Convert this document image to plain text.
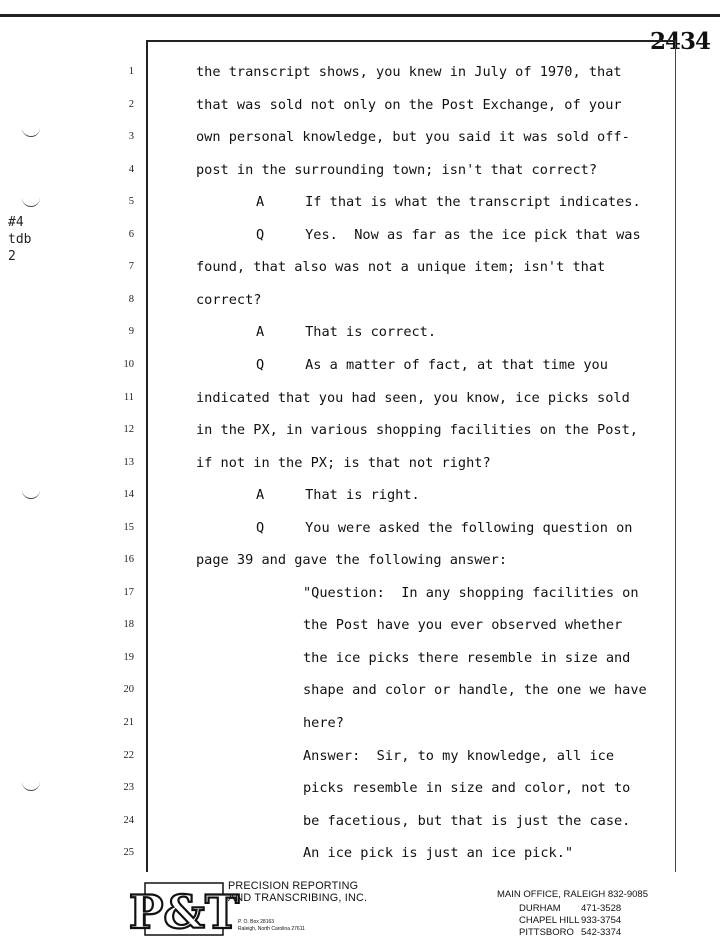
2434
#4
tdb
2
1	the transcript shows, you knew in July of 1970, that
2	that was sold not only on the Post Exchange, of your
3	own personal knowledge, but you said it was sold off-
4	post in the surrounding town; isn't that correct?
5	A     If that is what the transcript indicates.
6	Q     Yes.  Now as far as the ice pick that was
7	found, that also was not a unique item; isn't that
8	correct?
9	A     That is correct.
10	Q     As a matter of fact, at that time you
11	indicated that you had seen, you know, ice picks sold
12	in the PX, in various shopping facilities on the Post,
13	if not in the PX; is that not right?
14	A     That is right.
15	Q     You were asked the following question on
16	page 39 and gave the following answer:
17	"Question:  In any shopping facilities on
18	the Post have you ever observed whether
19	the ice picks there resemble in size and
20	shape and color or handle, the one we have
21	here?
22	Answer:  Sir, to my knowledge, all ice
23	picks resemble in size and color, not to
24	be facetious, but that is just the case.
25	An ice pick is just an ice pick."
P&T
PRECISION REPORTING
AND TRANSCRIBING, INC.
P. O. Box 28163
Raleigh, North Carolina 27611
MAIN OFFICE, RALEIGH 832-9085
DURHAM 471-3528
CHAPEL HILL 933-3754
PITTSBORO 542-3374
